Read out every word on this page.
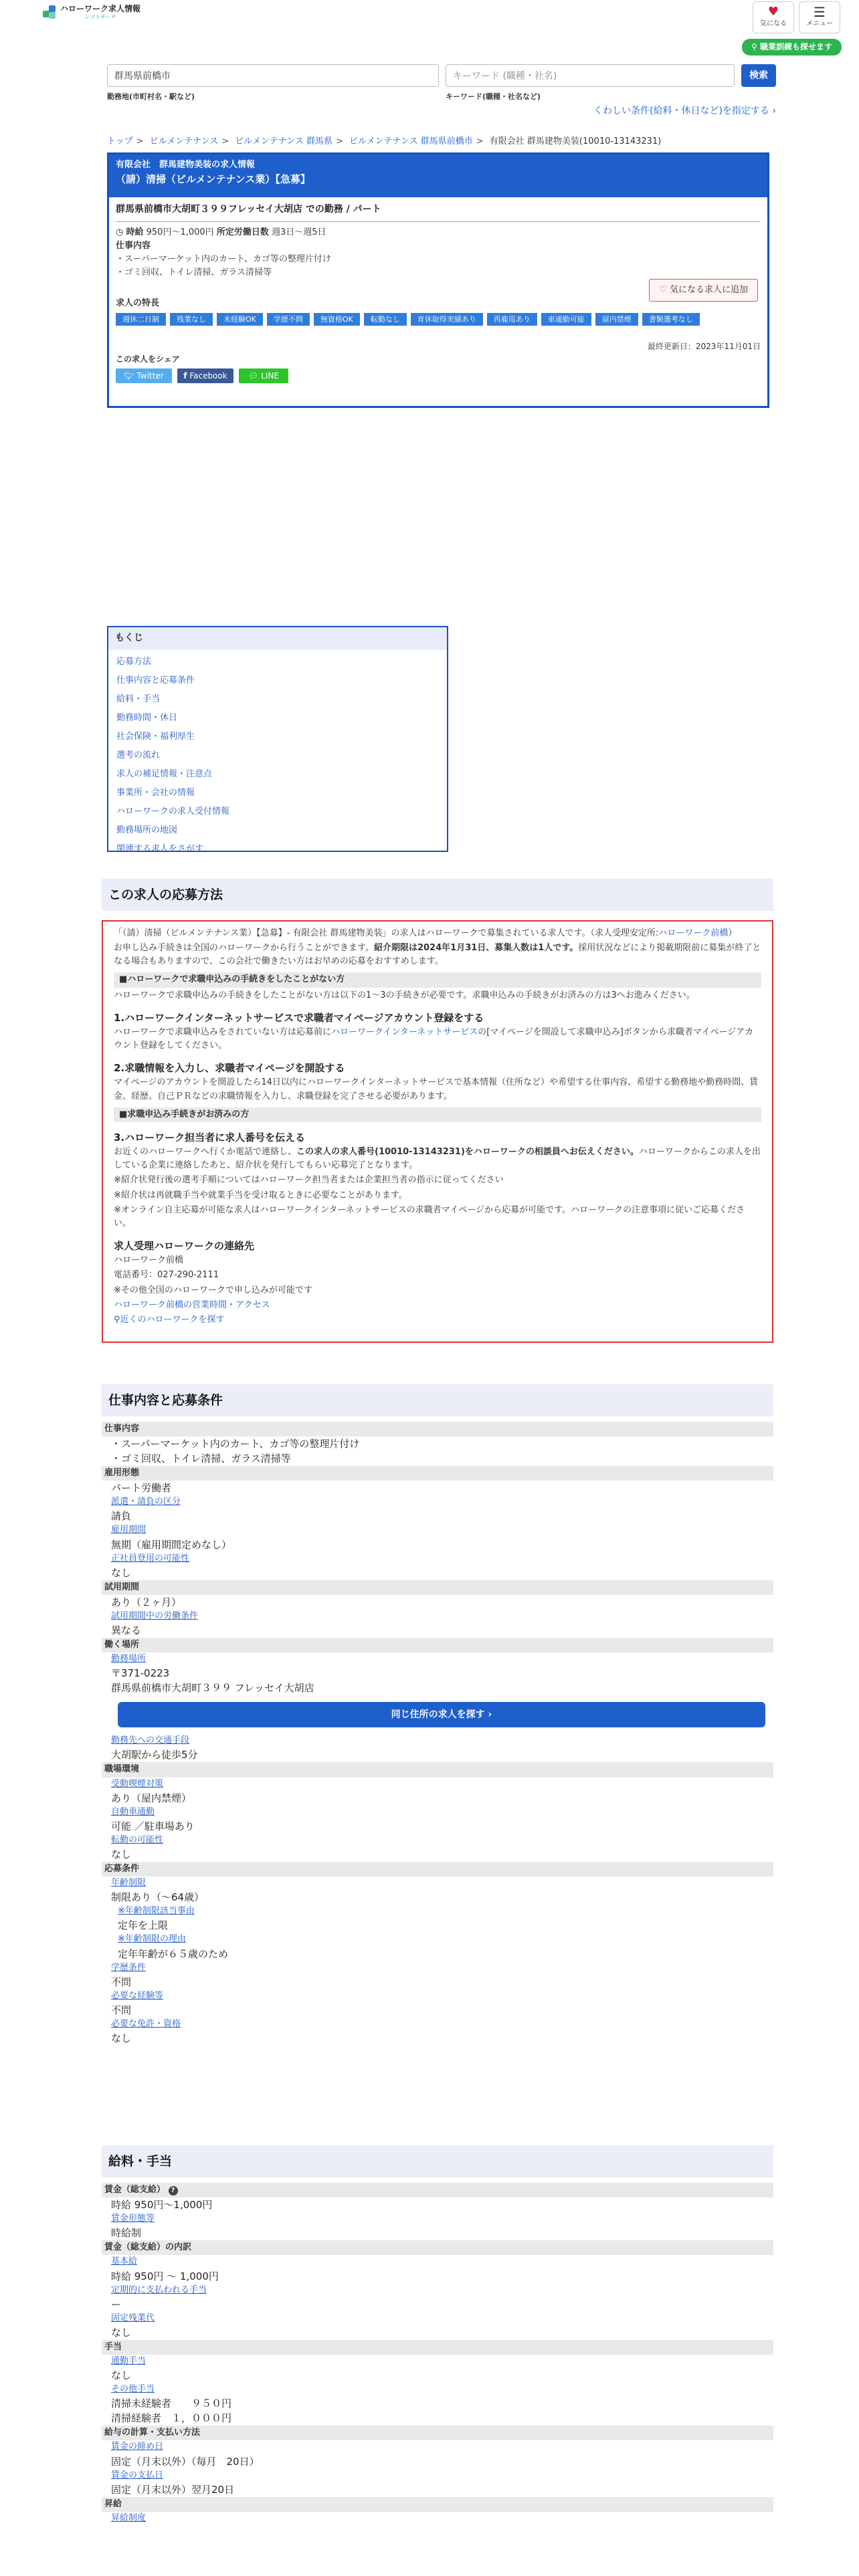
ハローワーク求人情報
シゴトサーチ	♥
気になる
☰
メニュー
⚲ 職業訓練も探せます
群馬県前橋市
勤務地(市町村名・駅など)
キーワード (職種・社名)
キーワード(職種・社名など)
検索
くわしい条件(給料・休日など)を指定する ›
トップ > ビルメンテナンス > ビルメンテナンス 群馬県 > ビルメンテナンス 群馬県前橋市 > 有限会社 群馬建物美装(10010-13143231)
有限会社　群馬建物美装の求人情報
（請）清掃（ビルメンテナンス業）【急募】
群馬県前橋市大胡町３９９フレッセイ大胡店 での勤務 / パート
◷ 時給 950円〜1,000円 所定労働日数 週3日〜週5日
仕事内容
・スーパーマーケット内のカート、カゴ等の整理片付け
・ゴミ回収、トイレ清掃、ガラス清掃等
♡ 気になる求人に追加
求人の特長
週休二日制	残業なし	未経験OK	学歴不問	無資格OK	転勤なし	育休取得実績あり	再雇用あり	車通勤可能	屋内禁煙	書類選考なし
最終更新日：2023年11月01日
この求人をシェア
🐦︎ Twitter	f Facebook	💬︎ LINE
もくじ
応募方法
仕事内容と応募条件
給料・手当
勤務時間・休日
社会保険・福利厚生
選考の流れ
求人の補足情報・注意点
事業所・会社の情報
ハローワークの求人受付情報
勤務場所の地図
関連する求人をさがす
この求人の応募方法

「（請）清掃（ビルメンテナンス業）【急募】- 有限会社 群馬建物美装」の求人はハローワークで募集されている求人です。（求人受理安定所:ハローワーク前橋）

お申し込み手続きは全国のハローワークから行うことができます。紹介期限は2024年1月31日、募集人数は1人です。採用状況などにより掲載期限前に募集が終了となる場合もありますので、この会社で働きたい方はお早めの応募をおすすめします。

■ハローワークで求職申込みの手続きをしたことがない方

ハローワークで求職申込みの手続きをしたことがない方は以下の1〜3の手続きが必要です。求職申込みの手続きがお済みの方は3へお進みください。

1.ハローワークインターネットサービスで求職者マイページアカウント登録をする

ハローワークで求職申込みをされていない方は応募前にハローワークインターネットサービスの[マイページを開設して求職申込み]ボタンから求職者マイページアカウント登録をしてください。

2.求職情報を入力し、求職者マイページを開設する

マイページのアカウントを開設したら14日以内にハローワークインターネットサービスで基本情報（住所など）や希望する仕事内容、希望する勤務地や勤務時間、賃金、経歴、自己ＰＲなどの求職情報を入力し、求職登録を完了させる必要があります。

■求職申込み手続きがお済みの方
3.ハローワーク担当者に求人番号を伝える

お近くのハローワークへ行くか電話で連絡し、この求人の求人番号(10010-13143231)をハローワークの相談員へお伝えください。ハローワークからこの求人を出している企業に連絡したあと、紹介状を発行してもらい応募完了となります。

※紹介状発行後の選考手順についてはハローワーク担当者または企業担当者の指示に従ってください

※紹介状は再就職手当や就業手当を受け取るときに必要なことがあります。

※オンライン自主応募が可能な求人はハローワークインターネットサービスの求職者マイページから応募が可能です。ハローワークの注意事項に従いご応募ください。

求人受理ハローワークの連絡先

ハローワーク前橋

電話番号：027-290-2111

※その他全国のハローワークで申し込みが可能です

ハローワーク前橋の営業時間・アクセス

⚲近くのハローワークを探す

仕事内容と応募条件
仕事内容
・スーパーマーケット内のカート、カゴ等の整理片付け
・ゴミ回収、トイレ清掃、ガラス清掃等
雇用形態
パート労働者
派遣・請負の区分
請負
雇用期間
無期（雇用期間定めなし）
正社員登用の可能性
なし
試用期間
あり（２ヶ月）
試用期間中の労働条件
異なる
働く場所
勤務場所
〒371-0223
群馬県前橋市大胡町３９９ フレッセイ大胡店
同じ住所の求人を探す ›
勤務先への交通手段
大胡駅から徒歩5分
職場環境
受動喫煙対策
あり（屋内禁煙）
自動車通勤
可能 ／駐車場あり
転勤の可能性
なし
応募条件
年齢制限
制限あり（〜64歳）
※年齢制限該当事由
定年を上限
※年齢制限の理由
定年年齢が６５歳のため
学歴条件
不問
必要な経験等
不問
必要な免許・資格
なし
給料・手当
賃金（総支給） ?
時給 950円〜1,000円
賃金形態等
時給制
賃金（総支給）の内訳
基本給
時給 950円 〜 1,000円
定期的に支払われる手当
ー
固定残業代
なし
手当
通勤手当
なし
その他手当
清掃未経験者　　９５０円
清掃経験者　１，０００円
給与の計算・支払い方法
賃金の締め日
固定（月末以外）（毎月　20日）
賃金の支払日
固定（月末以外）翌月20日
昇給
昇給制度
